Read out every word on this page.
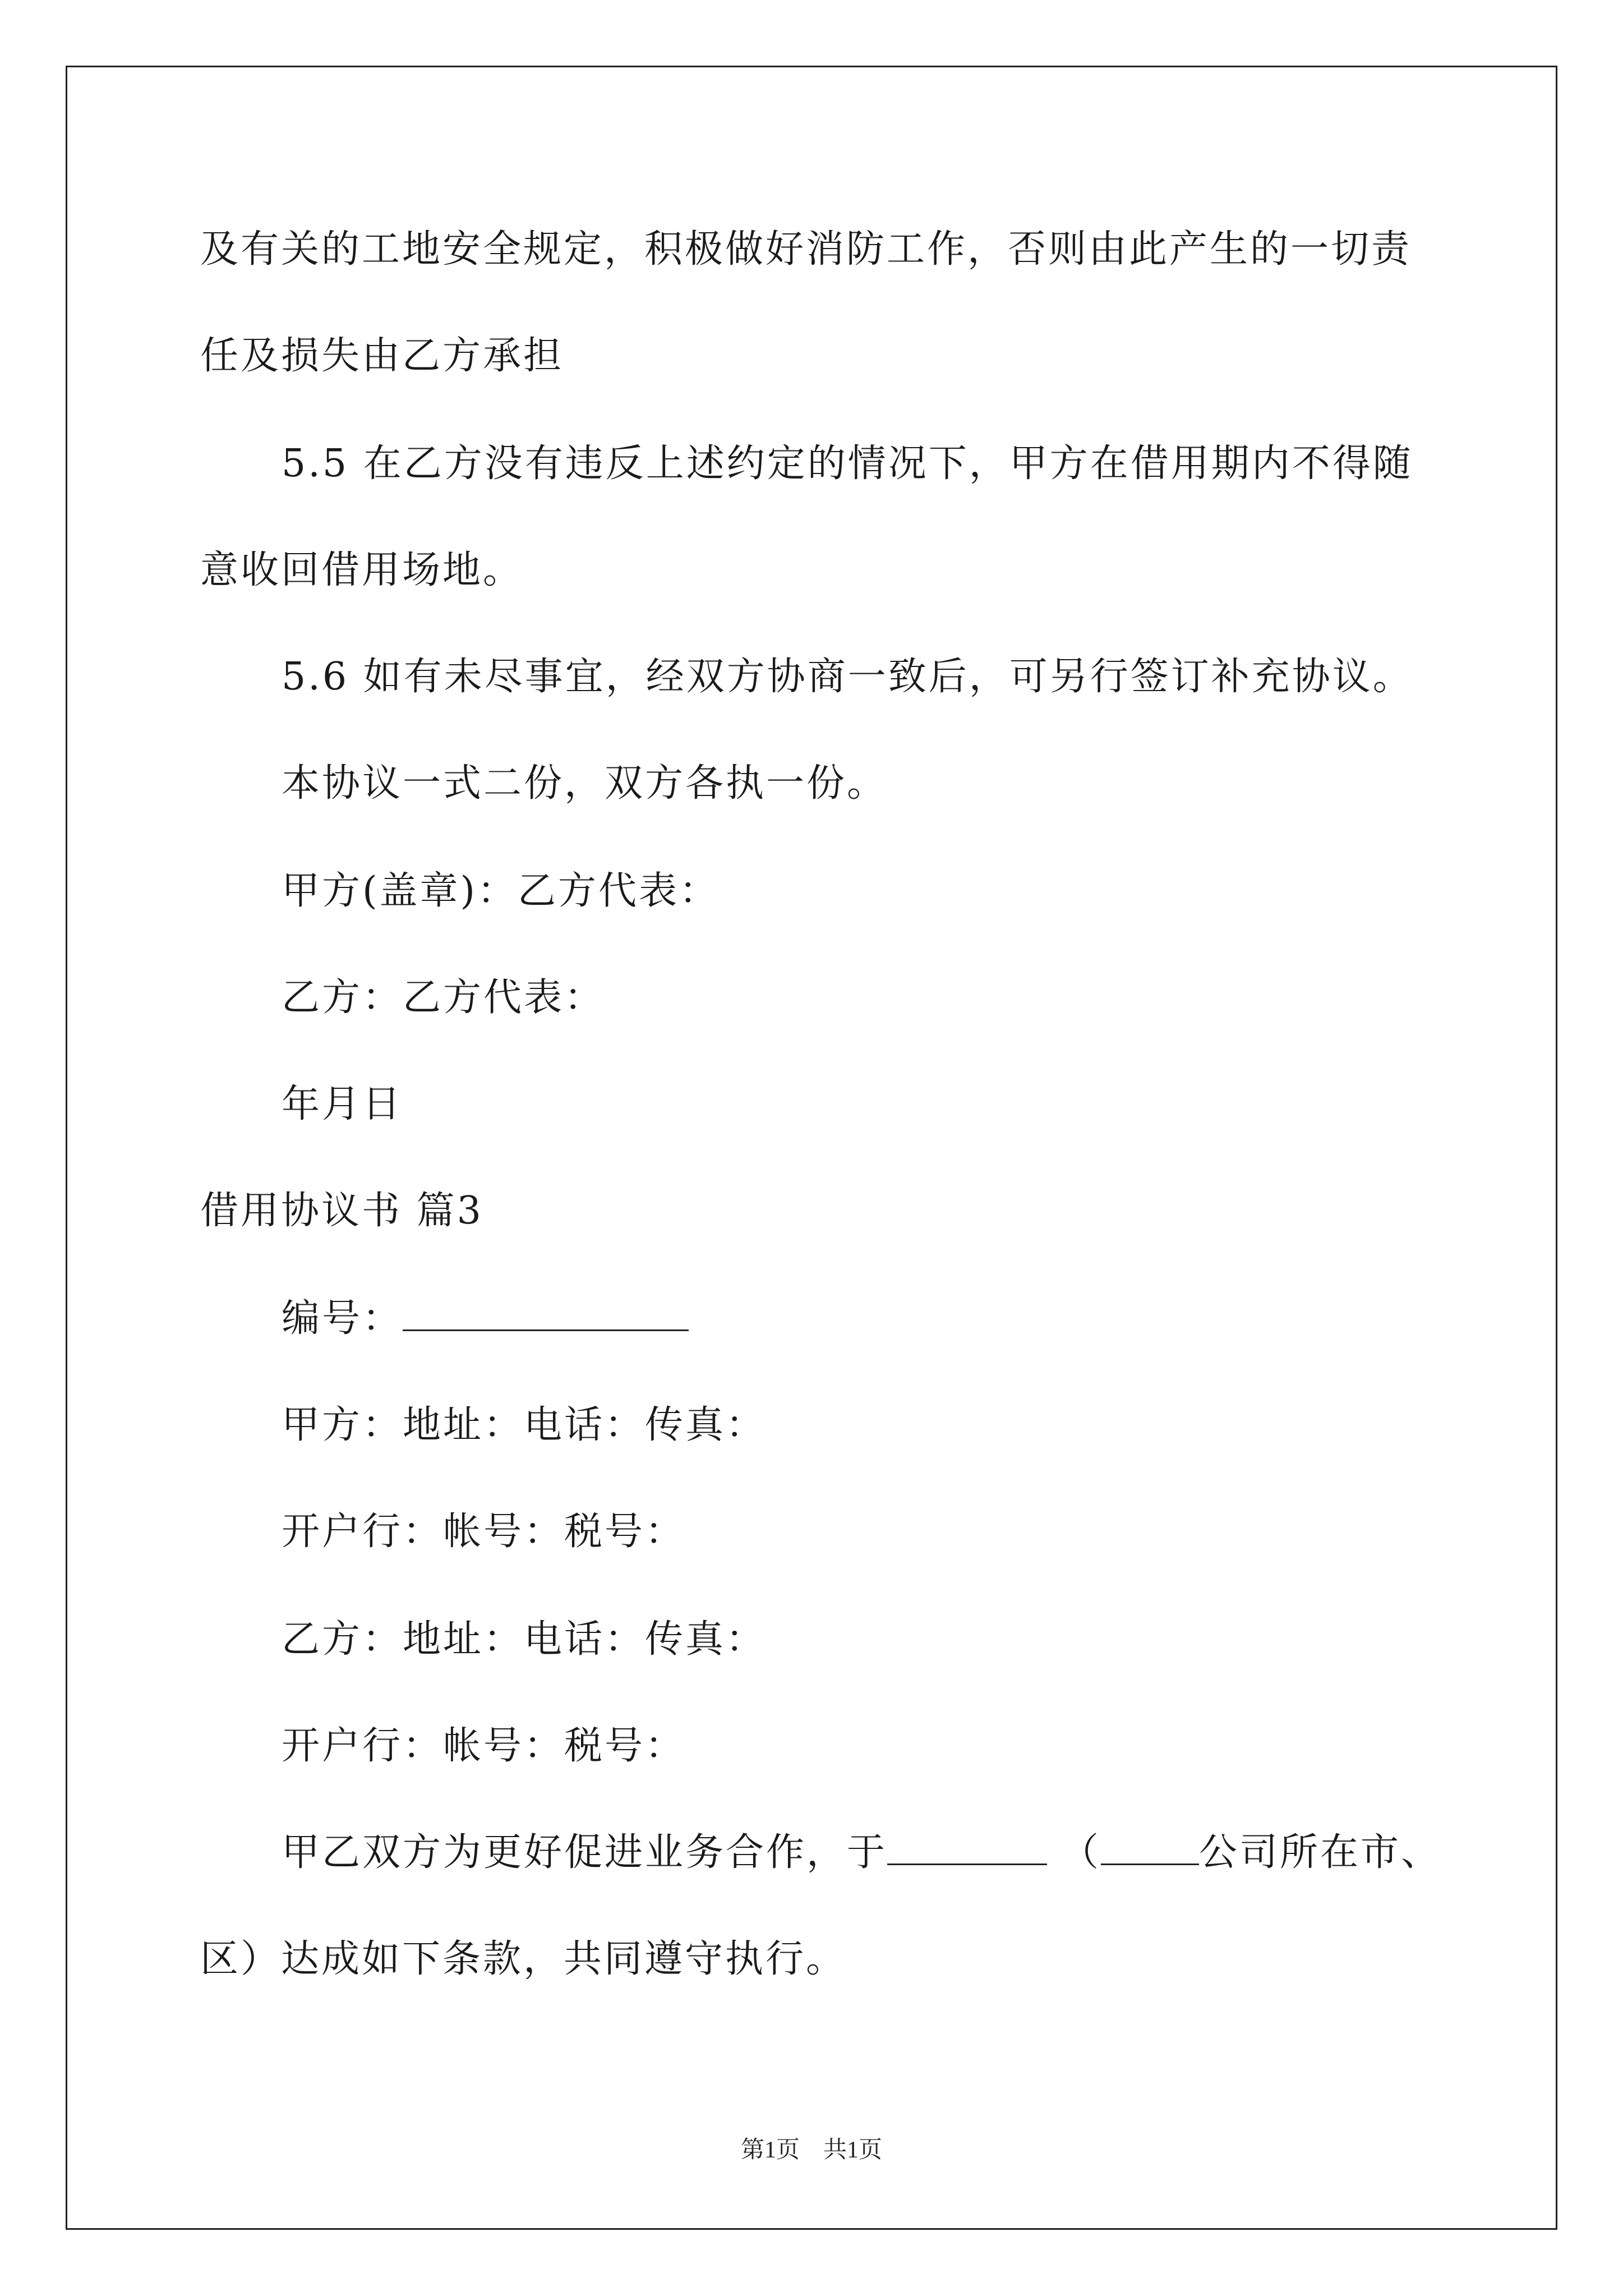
及有关的工地安全规定，积极做好消防工作，否则由此产生的一切责
任及损失由乙方承担
5.5 在乙方没有违反上述约定的情况下，甲方在借用期内不得随
意收回借用场地。
5.6 如有未尽事宜，经双方协商一致后，可另行签订补充协议。
本协议一式二份，双方各执一份。
甲方(盖章)：乙方代表：
乙方：乙方代表：
年月日
借用协议书 篇3
编号：
甲方：地址：电话：传真：
开户行：帐号：税号：
乙方：地址：电话：传真：
开户行：帐号：税号：
甲乙双方为更好促进业务合作，于	（	公司所在市、
区）达成如下条款，共同遵守执行。
第1页　共1页
